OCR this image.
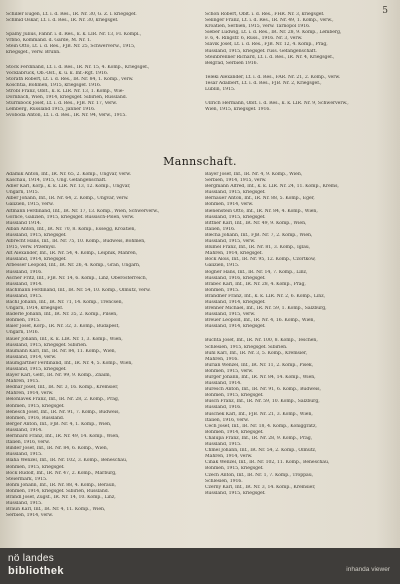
5
Schiller Eugen, Lt. i. d. Res., IR. Nr. 30, G. Z. l. kriegsgef.
Schmid Oskar, Lt. i. d. Res., IR. Nr. 30, kriegsgef.
Spalny Julius, Fähnr. i. d. Res., k. k. LIR. Nr. 13, FI. Kompl.,
Vrbno, Kommand. d. Garde, M. Nr. 1.
Stein Otto, Lt. i. d. Res., FJB. Nr. 25, Schwerverw., 1915,
kriegsgef., verw. Brünn.
Stock Ferdinand, Lt. i. d. Res., IR. Nr. 15, 4. Komp., Kriegsgef.,
Vöcklabruck, Ob.-Öst., k. u. k. Inf.-Rgt. 1916.
Storath Robert, Lt. i. d. Res., IR. Nr. 84, 1. Komp., verw.
Koschtia, Böhmen, 1915, kriegsgef. 1916.
Strobl Franz, Oblt., k. k. LIR. Nr. 13, 1. Komp., Wie-
Dornbach, Wien, 1914, kriegsgef. Sibirien, Russland.
Sturmböck Josef, Lt. i. d. Res., FJB. Nr. 17, Verw.
Lemberg, Russland 1915, Jänner 1916.
Svoboda Anton, Lt. i. d. Res., IR. Nr. 94, Verw., 1915.
Schön Robert, Oblt. i. d. Res., FHR. Nr. 3, kriegsgef.
Selinger Franz, Lt. i. d. Res., IR. Nr. 49, 1. Komp., verw.,
Kroatien, Serbien, 1915, verw. Tarnopol 1916.
Sieber Ludwig, Lt. i. d. Res., IR. Nr. 28, 9. Komp., Lemberg,
F. 6, 4. Ringstr. 6, Russ., 1916. Nr. 3, verw.
Slavik Josef, Lt. i. d. Res., FJB. Nr. 12, 4. Komp., Prag,
Russland, 1915, kriegsgef. russ. Gefangenschaft.
Steinbrenner Richard, Lt. i. d. Res., IR. Nr. 4, Kriegsgef.,
Belgrad, Serbien 1916.
Teleki Alexander, Lt. i. d. Res., FAR. Nr. 21, 2. Komp., verw.
Tesar Adalbert, Lt. i. d. Res., FJB. Nr. 2, Kriegsgef.,
Lublin, 1915.
Ullrich Hermann, Oblt. i. d. Res., k. k. LIR. Nr. 9, Schwerverw.,
Wien, 1915, kriegsgef. 1916.
Mannschaft.
Adamik Anton, Inf., IR. Nr. 65, 2. Komp., Ungvár, verw.
Kaschau, 1914, 1915, Ung. Gefangenschaft.
Adler Karl, Korp., k. k. LIR. Nr. 13, 12. Komp., Ungvár,
Ungarn, 1915.
Alber Johann, Inf., IR. Nr. 64, 2. Komp., Ungvár, verw.
Galizien, 1915, verw.
Altmann Ferdinand, Inf., IR. Nr. 17, 13. Komp., Wien, Schwerverw.,
Gorlice, Galizien, 1915, kriegsgef. Russisch-Polen, verw.
Russland 1914.
Alban Anton, Inf., IR. Nr. 70, 8. Komp., Essegg, Kroatien,
Russland, 1915, kriegsgef.
Albrecht Hans, Inf., IR. Nr. 75, 10. Komp., Budweis, Böhmen,
1915, verw. Przemysl.
Alt Alexander, Inf., IR. Nr. 54, 4. Komp., Leipnik, Mähren,
Russland, 1914, kriegsgef.
Arbesser Leopold, Inf., IR. Nr. 26, 4. Komp., Gran, Ungarn,
Russland, 1916.
Ascher Fritz, Inf., FJB. Nr. 14, 6. Komp., Linz, Oberösterreich,
Russland, 1914.
Bachmann Ferdinand, Inf., IR. Nr. 54, 10. Komp., Olmütz, verw.
Russland, 1915.
Bachl Johann, Inf., IR. Nr. 71, 14. Komp., Trencsén,
Ungarn, 1914, kriegsgef.
Baderle Johann, Inf., IR. Nr. 35, 2. Komp., Pilsen,
Böhmen, 1915.
Baier Josef, Korp., IR. Nr. 32, 3. Komp., Budapest,
Ungarn, 1916.
Bauer Johann, Inf., k. k. LIR. Nr. 1, 3. Komp., Wien,
Russland, 1915, kriegsgef. Sibirien.
Baumann Karl, Inf., IR. Nr. 84, 11. Komp., Wien,
Russland, 1914, verw.
Baumgartner Ferdinand, Inf., IR. Nr. 4, 5. Komp., Wien,
Russland, 1915, kriegsgef.
Bayer Karl, Gefr., IR. Nr. 99, 9. Komp., Znaim,
Mähren, 1915.
Bednar Josef, Inf., IR. Nr. 3, 16. Komp., Kremsier,
Mähren, 1914, verw.
Belohlavek Franz, Inf., IR. Nr. 28, 2. Komp., Prag,
Böhmen, 1915, kriegsgef.
Benesch Josef, Inf., IR. Nr. 91, 7. Komp., Budweis,
Böhmen, 1916, Russland.
Berger Anton, Inf., FJB. Nr. 4, 1. Komp., Wien,
Russland, 1914.
Bernhard Franz, Inf., IR. Nr. 49, 14. Komp., Wien,
Italien, 1916, verw.
Binder Josef, Inf., IR. Nr. 84, 6. Komp., Wien,
Russland, 1915.
Blaha Wenzel, Inf., IR. Nr. 102, 3. Komp., Beneschau,
Böhmen, 1915, kriegsgef.
Bock Rudolf, Inf., IR. Nr. 47, 2. Komp., Marburg,
Steiermark, 1915.
Böhm Johann, Inf., IR. Nr. 88, 4. Komp., Beraun,
Böhmen, 1914, kriegsgef. Sibirien, Russland.
Brandl Josef, Zugsf., IR. Nr. 14, 10. Komp., Linz,
Russland, 1915.
Braun Karl, Inf., IR. Nr. 4, 11. Komp., Wien,
Serbien, 1914, verw.
Bayer Josef, Inf., IR. Nr. 4, 9. Komp., Wien,
Serbien, 1914, 1915, verw.
Bergmann Alfred, Inf., k. k. LIR. Nr. 24, 11. Komp., Krems,
Russland, 1915, kriegsgef.
Bernauer Anton, Inf., IR. Nr. 88, 5. Komp., Eger,
Böhmen, 1914, verw.
Bienenstein Otto, Inf., IR. Nr. 84, 4. Komp., Wien,
Russland, 1915, kriegsgef.
Bittner Karl, Inf., IR. Nr. 49, 9. Komp., Wien,
Italien, 1916.
Blecha Johann, Inf., FJB. Nr. 7, 2. Komp., Wien,
Russland, 1915, verw.
Blümel Franz, Inf., IR. Nr. 81, 3. Komp., Iglau,
Mähren, 1914, kriegsgef.
Bock Alois, Inf., IR. Nr. 95, 12. Komp., Czortków,
Galizien, 1915.
Bogner Hans, Inf., IR. Nr. 14, 7. Komp., Linz,
Russland, 1916, kriegsgef.
Brabec Karl, Inf., IR. Nr. 28, 4. Komp., Prag,
Böhmen, 1915.
Brandner Franz, Inf., k. k. LIR. Nr. 2, 6. Komp., Linz,
Russland, 1914, kriegsgef.
Brenner Michael, Inf., IR. Nr. 59, 1. Komp., Salzburg,
Russland, 1915, verw.
Breuer Leopold, Inf., IR. Nr. 4, 16. Komp., Wien,
Russland, 1914, kriegsgef.
Buchta Josef, Inf., IR. Nr. 100, 8. Komp., Teschen,
Schlesien, 1915, kriegsgef. Sibirien.
Bühl Karl, Inf., IR. Nr. 3, 5. Komp., Kremsier,
Mähren, 1916.
Burian Wenzel, Inf., IR. Nr. 11, 2. Komp., Pisek,
Böhmen, 1915, verw.
Burger Johann, Inf., IR. Nr. 84, 14. Komp., Wien,
Russland, 1914.
Buresch Anton, Inf., IR. Nr. 91, 6. Komp., Budweis,
Böhmen, 1915, kriegsgef.
Busch Franz, Inf., IR. Nr. 59, 10. Komp., Salzburg,
Russland, 1916.
Buschek Karl, Inf., FJB. Nr. 21, 3. Komp., Wien,
Italien, 1916, verw.
Cech Josef, Inf., IR. Nr. 18, 4. Komp., Königgrätz,
Böhmen, 1914, kriegsgef.
Chalupa Franz, Inf., IR. Nr. 28, 9. Komp., Prag,
Russland, 1915.
Chmel Johann, Inf., IR. Nr. 54, 2. Komp., Olmütz,
Mähren, 1914, verw.
Cihak Wenzel, Inf., IR. Nr. 102, 11. Komp., Beneschau,
Böhmen, 1915, kriegsgef.
Czech Anton, Inf., IR. Nr. 1, 7. Komp., Troppau,
Schlesien, 1916.
Czerny Karl, Inf., IR. Nr. 3, 14. Komp., Kremsier,
Russland, 1915, kriegsgef.
nö landes
bibliothek	inhanda viewer
